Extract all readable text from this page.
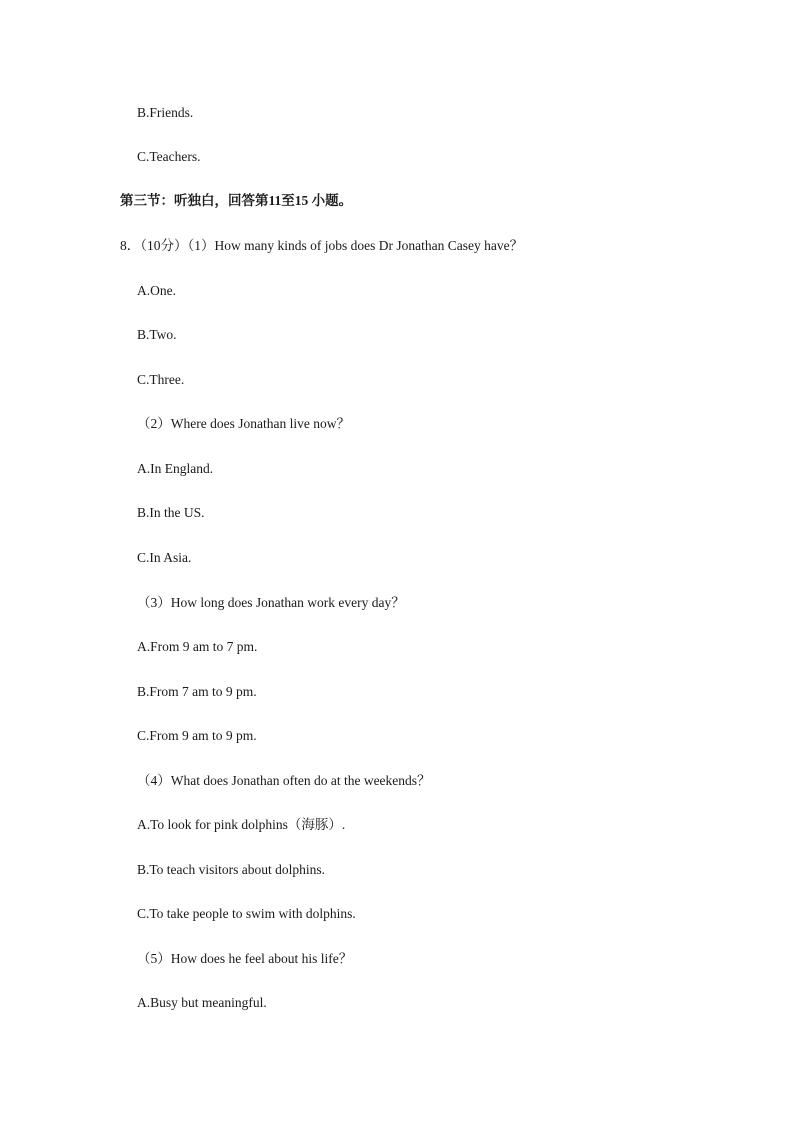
B.Friends.
C.Teachers.
第三节：听独白，回答第11至15 小题。
8．（10分）（1）How many kinds of jobs does Dr Jonathan Casey have？
A.One.
B.Two.
C.Three.
（2）Where does Jonathan live now？
A.In England.
B.In the US.
C.In Asia.
（3）How long does Jonathan work every day？
A.From 9 am to 7 pm.
B.From 7 am to 9 pm.
C.From 9 am to 9 pm.
（4）What does Jonathan often do at the weekends？
A.To look for pink dolphins（海豚）.
B.To teach visitors about dolphins.
C.To take people to swim with dolphins.
（5）How does he feel about his life？
A.Busy but meaningful.
